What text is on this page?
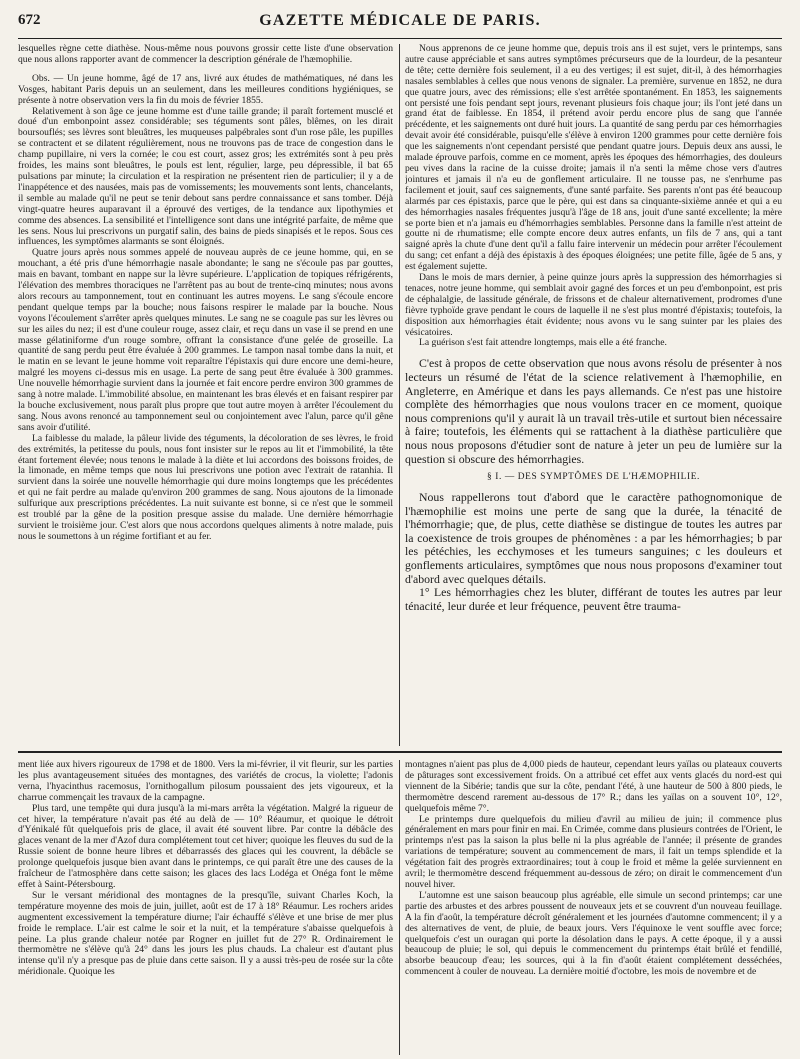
672	GAZETTE MÉDICALE DE PARIS.

lesquelles règne cette diathèse. Nous-même nous pouvons grossir cette liste d'une observation que nous allons rapporter avant de commencer la description générale de l'hæmophilie.

Obs. — Un jeune homme, âgé de 17 ans, livré aux études de mathématiques, né dans les Vosges, habitant Paris depuis un an seulement, dans les meilleures conditions hygiéniques, se présente à notre observation vers la fin du mois de février 1855.

Relativement à son âge ce jeune homme est d'une taille grande; il paraît fortement musclé et doué d'un embonpoint assez considérable; ses téguments sont pâles, blêmes, on les dirait boursouflés; ses lèvres sont bleuâtres, les muqueuses palpébrales sont d'un rose pâle, les pupilles se contractent et se dilatent régulièrement, nous ne trouvons pas de trace de congestion dans le champ pupillaire, ni vers la cornée; le cou est court, assez gros; les extrémités sont à peu près froides, les mains sont bleuâtres, le pouls est lent, régulier, large, peu dépressible, il bat 65 pulsations par minute; la circulation et la respiration ne présentent rien de particulier; il y a de l'inappétence et des nausées, mais pas de vomissements; les mouvements sont lents, chancelants, il semble au malade qu'il ne peut se tenir debout sans perdre connaissance et sans tomber. Déjà vingt-quatre heures auparavant il a éprouvé des vertiges, de la tendance aux lipothymies et comme des absences. La sensibilité et l'intelligence sont dans une intégrité parfaite, de même que les sens. Nous lui prescrivons un purgatif salin, des bains de pieds sinapisés et le repos. Sous ces influences, les symptômes alarmants se sont éloignés.

Quatre jours après nous sommes appelé de nouveau auprès de ce jeune homme, qui, en se mouchant, a été pris d'une hémorrhagie nasale abondante; le sang ne s'écoule pas par gouttes, mais en bavant, tombant en nappe sur la lèvre supérieure. L'application de topiques réfrigérents, l'élévation des membres thoraciques ne l'arrêtent pas au bout de trente-cinq minutes; nous avons alors recours au tamponnement, tout en continuant les autres moyens. Le sang s'écoule encore pendant quelque temps par la bouche; nous faisons respirer le malade par la bouche. Nous voyons l'écoulement s'arrêter après quelques minutes. Le sang ne se coagule pas sur les lèvres ou sur les ailes du nez; il est d'une couleur rouge, assez clair, et reçu dans un vase il se prend en une masse gélatiniforme d'un rouge sombre, offrant la consistance d'une gelée de groseille. La quantité de sang perdu peut être évaluée à 200 grammes. Le tampon nasal tombe dans la nuit, et le matin en se levant le jeune homme voit reparaître l'épistaxis qui dure encore une demi-heure, malgré les moyens ci-dessus mis en usage. La perte de sang peut être évaluée à 300 grammes. Une nouvelle hémorrhagie survient dans la journée et fait encore perdre environ 300 grammes de sang à notre malade. L'immobilité absolue, en maintenant les bras élevés et en faisant respirer par la bouche exclusivement, nous paraît plus propre que tout autre moyen à arrêter l'écoulement du sang. Nous avons renoncé au tamponnement seul ou conjointement avec l'alun, parce qu'il gêne sans avoir d'utilité.

La faiblesse du malade, la pâleur livide des téguments, la décoloration de ses lèvres, le froid des extrémités, la petitesse du pouls, nous font insister sur le repos au lit et l'immobilité, la tête étant fortement élevée; nous tenons le malade à la diète et lui accordons des boissons froides, de la limonade, en même temps que nous lui prescrivons une potion avec l'extrait de ratanhia. Il survient dans la soirée une nouvelle hémorrhagie qui dure moins longtemps que les précédentes et qui ne fait perdre au malade qu'environ 200 grammes de sang. Nous ajoutons de la limonade sulfurique aux prescriptions précédentes. La nuit suivante est bonne, si ce n'est que le sommeil est troublé par la gêne de la position presque assise du malade. Une dernière hémorrhagie survient le troisième jour. C'est alors que nous accordons quelques aliments à notre malade, puis nous le soumettons à un régime fortifiant et au fer.

Nous apprenons de ce jeune homme que, depuis trois ans il est sujet, vers le printemps, sans autre cause appréciable et sans autres symptômes précurseurs que de la lourdeur, de la pesanteur de tête; cette dernière fois seulement, il a eu des vertiges; il est sujet, dit-il, à des hémorrhagies nasales semblables à celles que nous venons de signaler. La première, survenue en 1852, ne dura que quatre jours, avec des rémissions; elle s'est arrêtée spontanément. En 1853, les saignements ont persisté une fois pendant sept jours, revenant plusieurs fois chaque jour; ils l'ont jeté dans un grand état de faiblesse. En 1854, il prétend avoir perdu encore plus de sang que l'année précédente, et les saignements ont duré huit jours. La quantité de sang perdu par ces hémorrhagies devait avoir été considérable, puisqu'elle s'élève à environ 1200 grammes pour cette dernière fois que les saignements n'ont cependant persisté que pendant quatre jours. Depuis deux ans aussi, le malade éprouve parfois, comme en ce moment, après les époques des hémorrhagies, des douleurs peu vives dans la racine de la cuisse droite; jamais il n'a senti la même chose vers d'autres jointures et jamais il n'a eu de gonflement articulaire. Il ne tousse pas, ne s'enrhume pas facilement et jouit, sauf ces saignements, d'une santé parfaite. Ses parents n'ont pas été beaucoup alarmés par ces épistaxis, parce que le père, qui est dans sa cinquante-sixième année et qui a eu des hémorrhagies nasales fréquentes jusqu'à l'âge de 18 ans, jouit d'une santé excellente; la mère se porte bien et n'a jamais eu d'hémorrhagies semblables. Personne dans la famille n'est atteint de goutte ni de rhumatisme; elle compte encore deux autres enfants, un fils de 7 ans, qui a tant saigné après la chute d'une dent qu'il a fallu faire intervenir un médecin pour arrêter l'écoulement du sang; cet enfant a déjà des épistaxis à des époques éloignées; une petite fille, âgée de 5 ans, y est également sujette.

Dans le mois de mars dernier, à peine quinze jours après la suppression des hémorrhagies si tenaces, notre jeune homme, qui semblait avoir gagné des forces et un peu d'embonpoint, est pris de céphalalgie, de lassitude générale, de frissons et de chaleur alternativement, prodromes d'une fièvre typhoïde grave pendant le cours de laquelle il ne s'est plus montré d'épistaxis; toutefois, la disposition aux hémorrhagies était évidente; nous avons vu le sang suinter par les plaies des vésicatoires.

La guérison s'est fait attendre longtemps, mais elle a été franche.

C'est à propos de cette observation que nous avons résolu de présenter à nos lecteurs un résumé de l'état de la science relativement à l'hæmophilie, en Angleterre, en Amérique et dans les pays allemands. Ce n'est pas une histoire complète des hémorrhagies que nous voulons tracer en ce moment, quoique nous comprenions qu'il y aurait là un travail très-utile et surtout bien nécessaire à faire; toutefois, les éléments qui se rattachent à la diathèse particulière que nous nous proposons d'étudier sont de nature à jeter un peu de lumière sur la question si obscure des hémorrhagies.

§ I. — DES SYMPTÔMES DE L'HÆMOPHILIE.

Nous rappellerons tout d'abord que le caractère pathognomonique de l'hæmophilie est moins une perte de sang que la durée, la ténacité de l'hémorrhagie; que, de plus, cette diathèse se distingue de toutes les autres par la coexistence de trois groupes de phénomènes : a par les hémorrhagies; b par les pétéchies, les ecchymoses et les tumeurs sanguines; c les douleurs et gonflements articulaires, symptômes que nous nous proposons d'examiner tout d'abord avec quelques détails.

1° Les hémorrhagies chez les bluter, différant de toutes les autres par leur ténacité, leur durée et leur fréquence, peuvent être trauma-

ment liée aux hivers rigoureux de 1798 et de 1800. Vers la mi-février, il vit fleurir, sur les parties les plus avantageusement situées des montagnes, des variétés de crocus, la violette; l'adonis verna, l'hyacinthus racemosus, l'ornithogallum pilosum poussaient des jets vigoureux, et la charrue commençait les travaux de la campagne.

Plus tard, une tempête qui dura jusqu'à la mi-mars arrêta la végétation. Malgré la rigueur de cet hiver, la température n'avait pas été au delà de — 10° Réaumur, et quoique le détroit d'Yénikalé fût quelquefois pris de glace, il avait été souvent libre. Par contre la débâcle des glaces venant de la mer d'Azof dura complétement tout cet hiver; quoique les fleuves du sud de la Russie soient de bonne heure libres et débarrassés des glaces qui les couvrent, la débâcle se prolonge quelquefois jusque bien avant dans le printemps, ce qui paraît être une des causes de la fraîcheur de l'atmosphère dans cette saison; les glaces des lacs Lodéga et Onéga font le même effet à Saint-Pétersbourg.

Sur le versant méridional des montagnes de la presqu'île, suivant Charles Koch, la température moyenne des mois de juin, juillet, août est de 17 à 18° Réaumur. Les rochers arides augmentent excessivement la température diurne; l'air échauffé s'élève et une brise de mer plus froide le remplace. L'air est calme le soir et la nuit, et la température s'abaisse quelquefois à peine. La plus grande chaleur notée par Rogner en juillet fut de 27° R. Ordinairement le thermomètre ne s'élève qu'à 24° dans les jours les plus chauds. La chaleur est d'autant plus intense qu'il n'y a presque pas de pluie dans cette saison. Il y a aussi très-peu de rosée sur la côte méridionale. Quoique les

montagnes n'aient pas plus de 4,000 pieds de hauteur, cependant leurs yaïlas ou plateaux couverts de pâturages sont excessivement froids. On a attribué cet effet aux vents glacés du nord-est qui viennent de la Sibérie; tandis que sur la côte, pendant l'été, à une hauteur de 500 à 800 pieds, le thermomètre descend rarement au-dessous de 17° R.; dans les yaïlas on a souvent 10°, 12°, quelquefois même 7°.

Le printemps dure quelquefois du milieu d'avril au milieu de juin; il commence plus généralement en mars pour finir en mai. En Crimée, comme dans plusieurs contrées de l'Orient, le printemps n'est pas la saison la plus belle ni la plus agréable de l'année; il présente de grandes variations de température; souvent au commencement de mars, il fait un temps splendide et la végétation fait des progrès extraordinaires; tout à coup le froid et même la gelée surviennent en avril; le thermomètre descend fréquemment au-dessous de zéro; on dirait le commencement d'un nouvel hiver.

L'automne est une saison beaucoup plus agréable, elle simule un second printemps; car une partie des arbustes et des arbres poussent de nouveaux jets et se couvrent d'un nouveau feuillage. A la fin d'août, la température décroît généralement et les journées d'automne commencent; il y a des alternatives de vent, de pluie, de beaux jours. Vers l'équinoxe le vent souffle avec force; quelquefois c'est un ouragan qui porte la désolation dans le pays. A cette époque, il y a aussi beaucoup de pluie; le sol, qui depuis le commencement du printemps était brûlé et fendillé, absorbe beaucoup d'eau; les sources, qui à la fin d'août étaient complétement desséchées, commencent à couler de nouveau. La dernière moitié d'octobre, les mois de novembre et de
